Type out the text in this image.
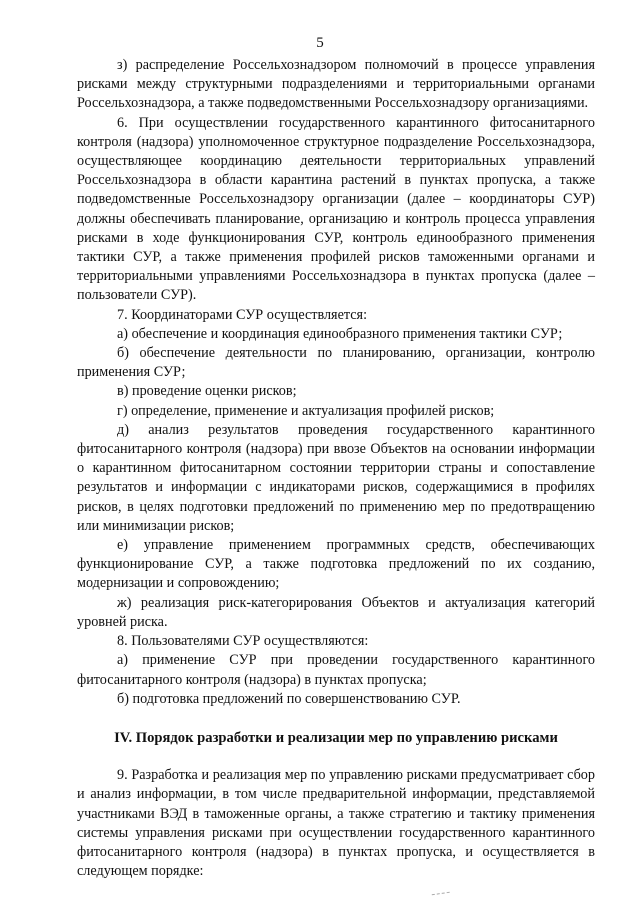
5

з) распределение Россельхознадзором полномочий в процессе управления рисками между структурными подразделениями и территориальными органами Россельхознадзора, а также подведомственными Россельхознадзору организациями.

6. При осуществлении государственного карантинного фитосанитарного контроля (надзора) уполномоченное структурное подразделение Россельхознадзора, осуществляющее координацию деятельности территориальных управлений Россельхознадзора в области карантина растений в пунктах пропуска, а также подведомственные Россельхознадзору организации (далее – координаторы СУР) должны обеспечивать планирование, организацию и контроль процесса управления рисками в ходе функционирования СУР, контроль единообразного применения тактики СУР, а также применения профилей рисков таможенными органами и территориальными управлениями Россельхознадзора в пунктах пропуска (далее – пользователи СУР).

7. Координаторами СУР осуществляется:

а) обеспечение и координация единообразного применения тактики СУР;

б) обеспечение деятельности по планированию, организации, контролю применения СУР;

в) проведение оценки рисков;

г) определение, применение и актуализация профилей рисков;

д) анализ результатов проведения государственного карантинного фитосанитарного контроля (надзора) при ввозе Объектов на основании информации о карантинном фитосанитарном состоянии территории страны и сопоставление результатов и информации с индикаторами рисков, содержащимися в профилях рисков, в целях подготовки предложений по применению мер по предотвращению или минимизации рисков;

е) управление применением программных средств, обеспечивающих функционирование СУР, а также подготовка предложений по их созданию, модернизации и сопровождению;

ж) реализация риск-категорирования Объектов и актуализация категорий уровней риска.

8. Пользователями СУР осуществляются:

а) применение СУР при проведении государственного карантинного фитосанитарного контроля (надзора) в пунктах пропуска;

б) подготовка предложений по совершенствованию СУР.

IV. Порядок разработки и реализации мер по управлению рисками

9. Разработка и реализация мер по управлению рисками предусматривает сбор и анализ информации, в том числе предварительной информации, представляемой участниками ВЭД в таможенные органы, а также стратегию и тактику применения системы управления рисками при осуществлении государственного карантинного фитосанитарного контроля (надзора) в пунктах пропуска, и осуществляется в следующем порядке:
